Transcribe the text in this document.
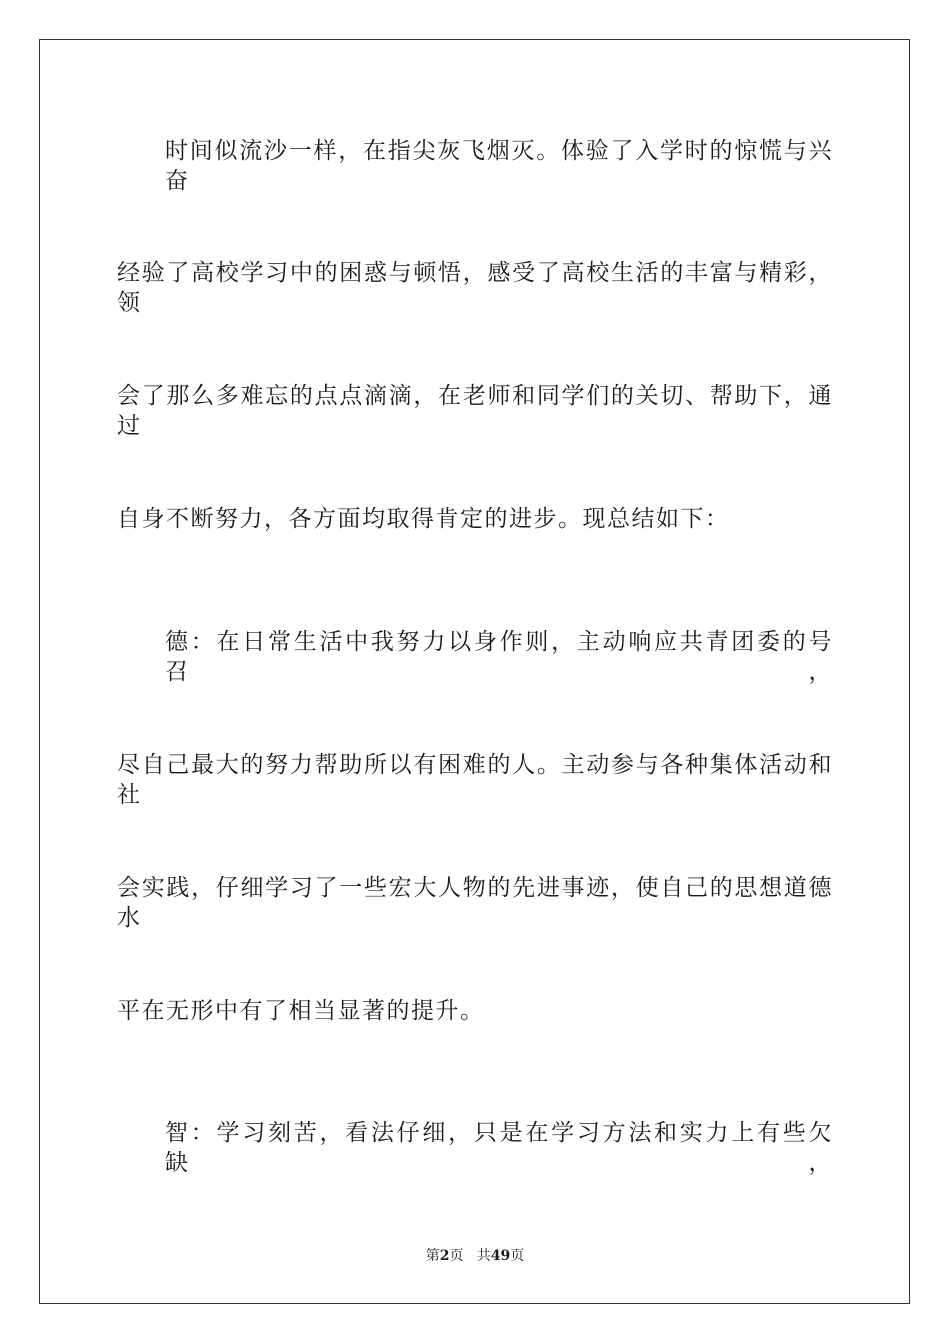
时间似流沙一样，在指尖灰飞烟灭。体验了入学时的惊慌与兴奋
经验了高校学习中的困惑与顿悟，感受了高校生活的丰富与精彩，领
会了那么多难忘的点点滴滴，在老师和同学们的关切、帮助下，通过
自身不断努力，各方面均取得肯定的进步。现总结如下：
德：在日常生活中我努力以身作则，主动响应共青团委的号召，
尽自己最大的努力帮助所以有困难的人。主动参与各种集体活动和社
会实践，仔细学习了一些宏大人物的先进事迹，使自己的思想道德水
平在无形中有了相当显著的提升。
智：学习刻苦，看法仔细，只是在学习方法和实力上有些欠缺，
第2页 共49页
